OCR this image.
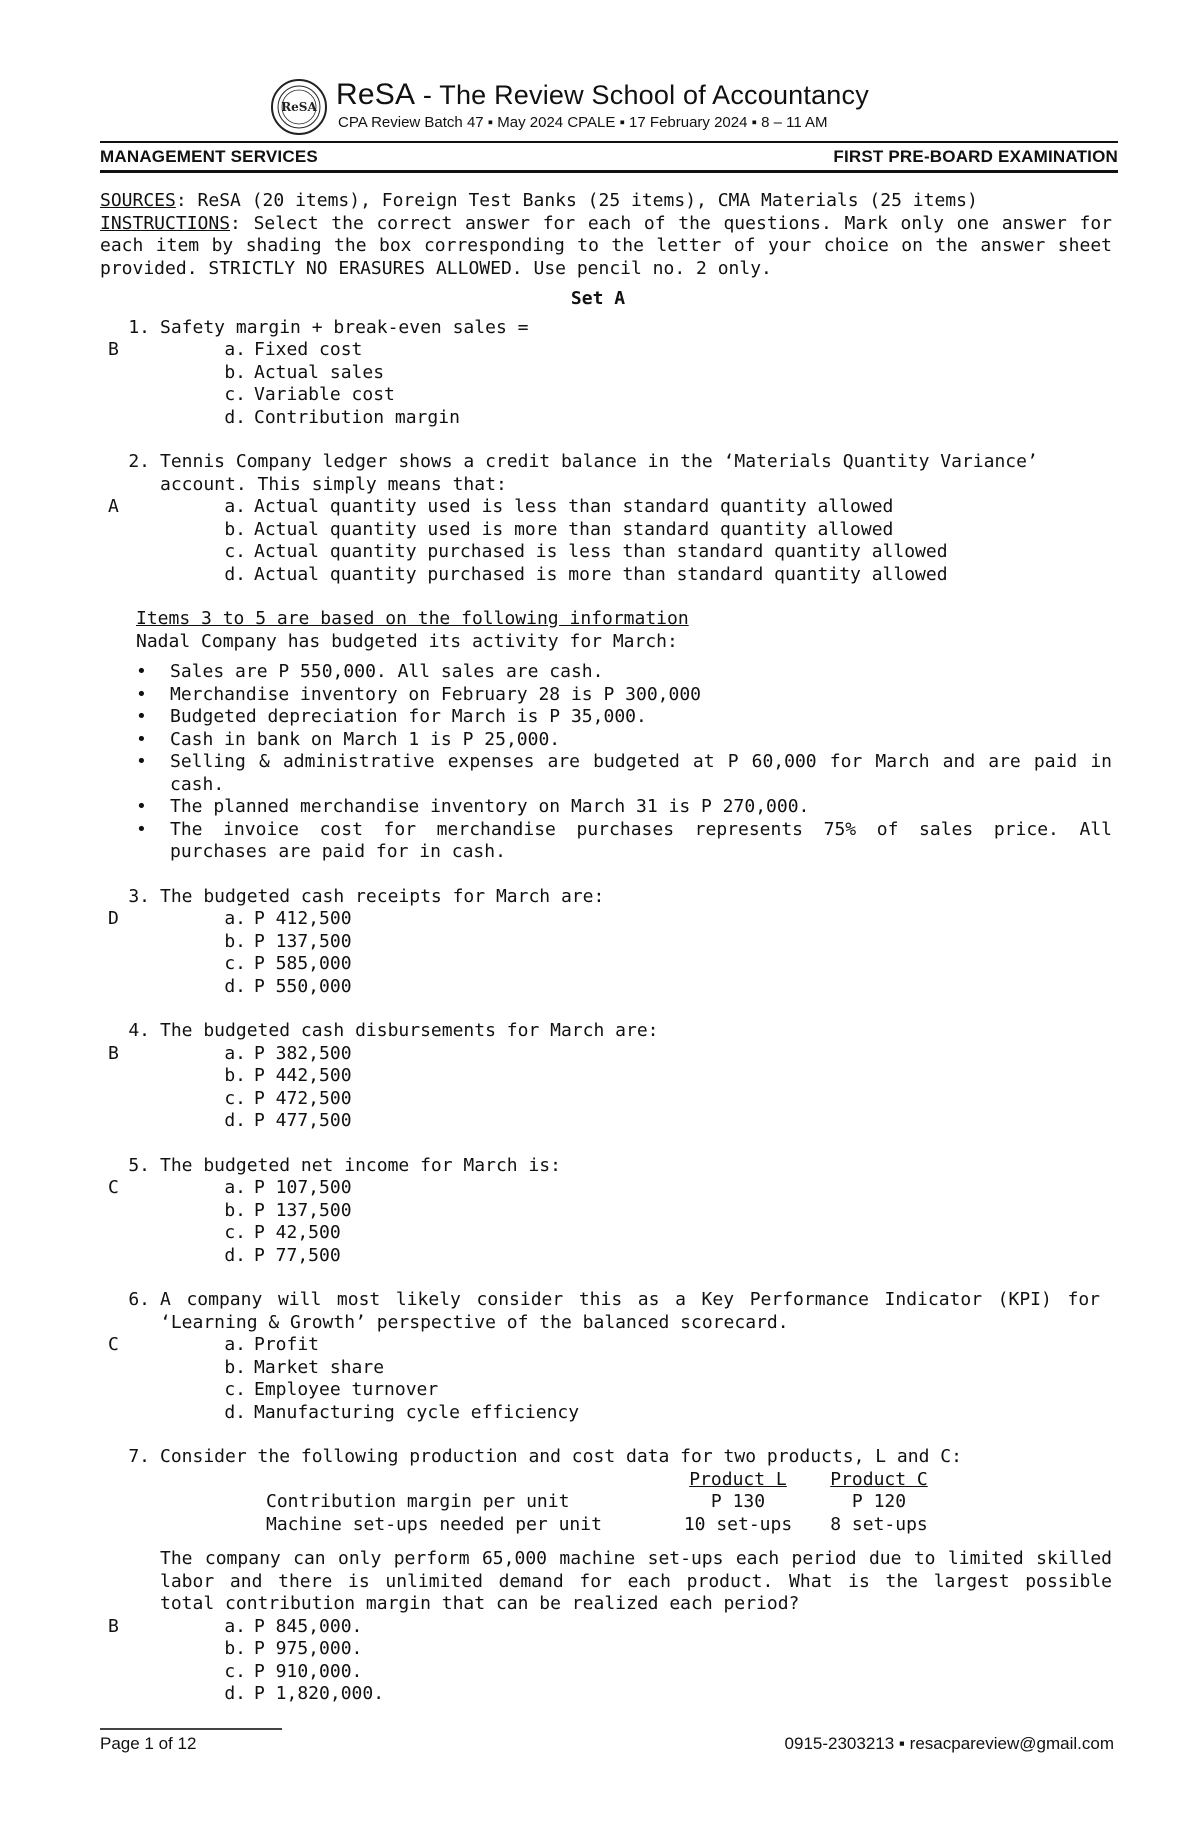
ReSA ReSA - The Review School of Accountancy
CPA Review Batch 47 ▪ May 2024 CPALE ▪ 17 February 2024 ▪ 8 – 11 AM
MANAGEMENT SERVICES	FIRST PRE-BOARD EXAMINATION
SOURCES: ReSA (20 items), Foreign Test Banks (25 items), CMA Materials (25 items)
INSTRUCTIONS: Select the correct answer for each of the questions. Mark only one answer for each item by shading the box corresponding to the letter of your choice on the answer sheet provided. STRICTLY NO ERASURES ALLOWED. Use pencil no. 2 only.
Set A
1. Safety margin + break-even sales =
B	a. Fixed cost
b. Actual sales
c. Variable cost
d. Contribution margin
2. Tennis Company ledger shows a credit balance in the ‘Materials Quantity Variance’ account. This simply means that:
A	a. Actual quantity used is less than standard quantity allowed
b. Actual quantity used is more than standard quantity allowed
c. Actual quantity purchased is less than standard quantity allowed
d. Actual quantity purchased is more than standard quantity allowed
Items 3 to 5 are based on the following information
Nadal Company has budgeted its activity for March:
• Sales are P 550,000. All sales are cash.
• Merchandise inventory on February 28 is P 300,000
• Budgeted depreciation for March is P 35,000.
• Cash in bank on March 1 is P 25,000.
• Selling & administrative expenses are budgeted at P 60,000 for March and are paid in cash.
• The planned merchandise inventory on March 31 is P 270,000.
• The invoice cost for merchandise purchases represents 75% of sales price. All purchases are paid for in cash.
3. The budgeted cash receipts for March are:
D	a. P 412,500
b. P 137,500
c. P 585,000
d. P 550,000
4. The budgeted cash disbursements for March are:
B	a. P 382,500
b. P 442,500
c. P 472,500
d. P 477,500
5. The budgeted net income for March is:
C	a. P 107,500
b. P 137,500
c. P 42,500
d. P 77,500
6. A company will most likely consider this as a Key Performance Indicator (KPI) for ‘Learning & Growth’ perspective of the balanced scorecard.
C	a. Profit
b. Market share
c. Employee turnover
d. Manufacturing cycle efficiency
7. Consider the following production and cost data for two products, L and C:
	Product L	Product C
Contribution margin per unit	P 130	P 120
Machine set-ups needed per unit	10 set-ups	8 set-ups
The company can only perform 65,000 machine set-ups each period due to limited skilled labor and there is unlimited demand for each product. What is the largest possible total contribution margin that can be realized each period?
B	a. P 845,000.
b. P 975,000.
c. P 910,000.
d. P 1,820,000.
Page 1 of 12	0915-2303213 ▪ resacpareview@gmail.com
